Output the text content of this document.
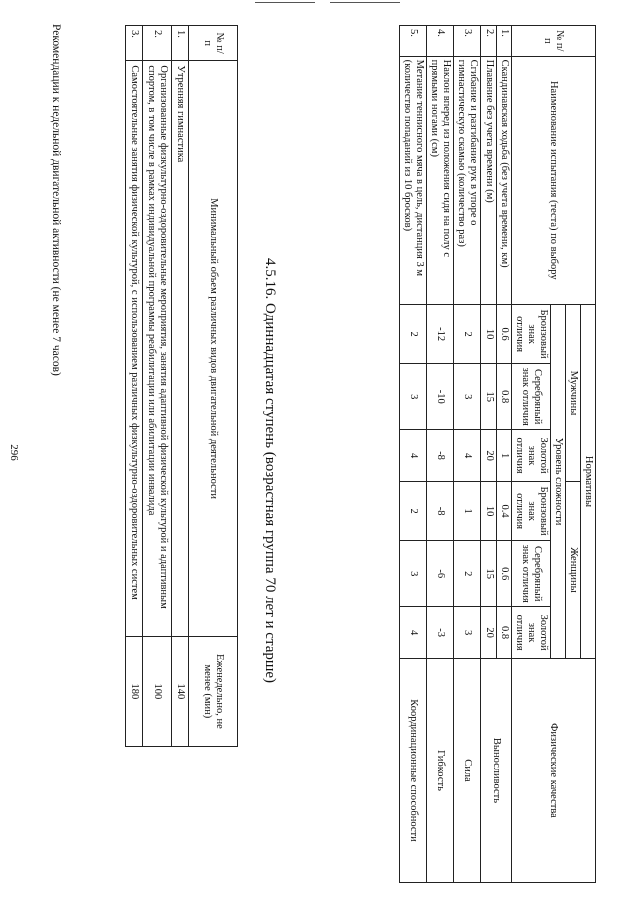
296
Рекомендации к недельной двигательной активности (не менее 7 часов)	№ п/п	Минимальный объем различных видов двигательной деятельности	Еженедельно, не менее (мин)
1.	Утренняя гимнастика	140
2.	Организованные физкультурно-оздоровительные мероприятия, занятия адаптивной физической культурой и адаптивным спортом, в том числе в рамках индивидуальной программы реабилитации или абилитации инвалида	100
3.	Самостоятельные занятия физической культурой, с использованием различных физкультурно-оздоровительных систем	180
4.5.16. Одиннадцатая ступень (возрастная группа 70 лет и старше)
№ п/п	Наименование испытания (теста) по выбору	Нормативы						Физические качества
		Мужчины			Женщины			
		Уровень сложности						
		Бронзовый знак отличия	Серебряный знак отличия	Золотой знак отличия	Бронзовый знак отличия	Серебряный знак отличия	Золотой знак отличия	
1.	Скандинавская ходьба (без учета времени, км)	0.6	0.8	1	0.4	0.6	0.8	Выносливость
2.	Плавание без учета времени (м)	10	15	20	10	15	20	
3.	Сгибание и разгибание рук в упоре о гимнастическую скамью (количество раз)	2	3	4	1	2	3	Сила
4.	Наклон вперед из положения сидя на полу с прямыми ногами (см)	-12	-10	-8	-8	-6	-3	Гибкость
5.	Метание теннисного мяча в цель, дистанция 3 м (количество попаданий из 10 бросков)	2	3	4	2	3	4	Координационные способности
